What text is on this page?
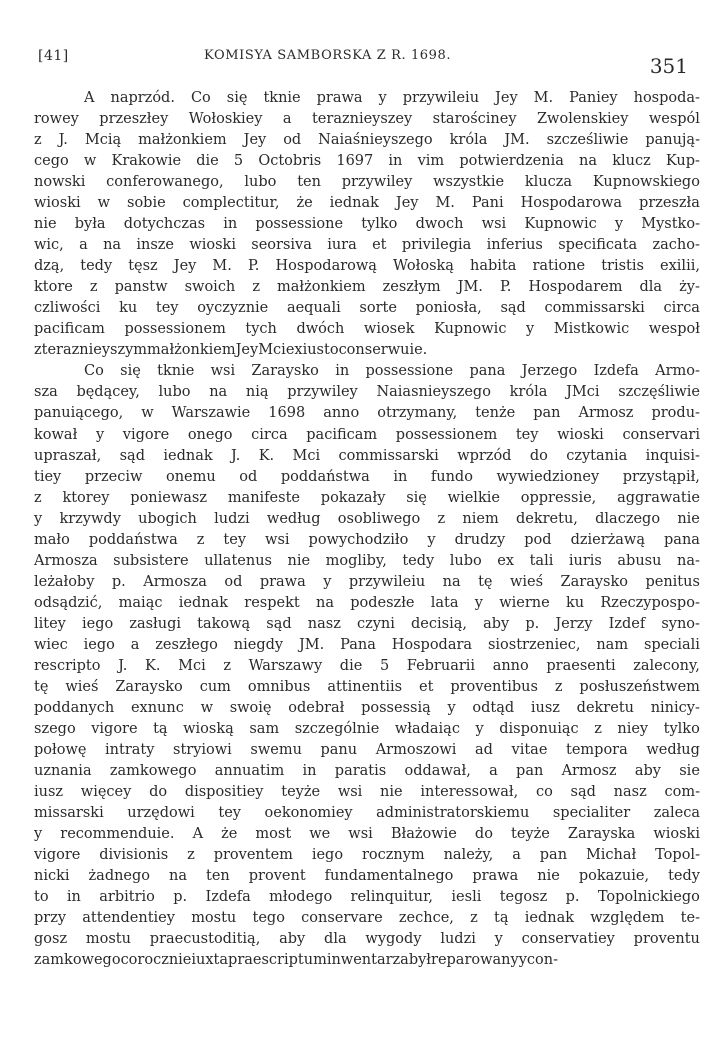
[41]	KOMISYA SAMBORSKA Z R. 1698.	351
A naprzód. Co się tknie prawa y przywileiu Jey M. Paniey hospoda-
rowey przeszłey Wołoskiey a teraznieyszey starościney Zwolenskiey wespól
z J. Mcią małżonkiem Jey od Naiaśnieyszego króla JM. szcześliwie panują-
cego w Krakowie die 5 Octobris 1697 in vim potwierdzenia na klucz Kup-
nowski conferowanego, lubo ten przywiley wszystkie klucza Kupnowskiego
wioski w sobie complectitur, że iednak Jey M. Pani Hospodarowa przeszła
nie była dotychczas in possessione tylko dwoch wsi Kupnowic y Mystko-
wic, a na insze wioski seorsiva iura et privilegia inferius specificata zacho-
dzą, tedy tęsz Jey M. P. Hospodarową Wołoską habita ratione tristis exilii,
ktore z panstw swoich z małżonkiem zeszłym JM. P. Hospodarem dla ży-
czliwości ku tey oyczyznie aequali sorte poniosła, sąd commissarski circa
pacificam possessionem tych dwóch wiosek Kupnowic y Mistkowic wespoł
z teraznieyszym małżonkiem Jey Mci ex iusto conserwuie.
Co się tknie wsi Zaraysko in possessione pana Jerzego Izdefa Armo-
sza będącey, lubo na nią przywiley Naiasnieyszego króla JMci szczęśliwie
panuiącego, w Warszawie 1698 anno otrzymany, tenże pan Armosz produ-
kował y vigore onego circa pacificam possessionem tey wioski conservari
upraszał, sąd iednak J. K. Mci commissarski wprzód do czytania inquisi-
tiey przeciw onemu od poddaństwa in fundo wywiedzioney przystąpił,
z ktorey poniewasz manifeste pokazały się wielkie oppressie, aggrawatie
y krzywdy ubogich ludzi według osobliwego z niem dekretu, dlaczego nie
mało poddaństwa z tey wsi powychodziło y drudzy pod dzierżawą pana
Armosza subsistere ullatenus nie mogliby, tedy lubo ex tali iuris abusu na-
leżałoby p. Armosza od prawa y przywileiu na tę wieś Zaraysko penitus
odsądzić, maiąc iednak respekt na podeszłe lata y wierne ku Rzeczypospo-
litey iego zasługi takową sąd nasz czyni decisią, aby p. Jerzy Izdef syno-
wiec iego a zeszłego niegdy JM. Pana Hospodara siostrzeniec, nam speciali
rescripto J. K. Mci z Warszawy die 5 Februarii anno praesenti zalecony,
tę wieś Zaraysko cum omnibus attinentiis et proventibus z posłuszeństwem
poddanych exnunc w swoię odebrał possessią y odtąd iusz dekretu ninicy-
szego vigore tą wioską sam szczególnie władaiąc y disponuiąc z niey tylko
połowę intraty stryiowi swemu panu Armoszowi ad vitae tempora według
uznania zamkowego annuatim in paratis oddawał, a pan Armosz aby sie
iusz więcey do dispositiey teyże wsi nie interessował, co sąd nasz com-
missarski urzędowi tey oekonomiey administratorskiemu specialiter zaleca
y recommenduie. A że most we wsi Błażowie do teyże Zarayska wioski
vigore divisionis z proventem iego rocznym należy, a pan Michał Topol-
nicki żadnego na ten provent fundamentalnego prawa nie pokazuie, tedy
to in arbitrio p. Izdefa młodego relinquitur, iesli tegosz p. Topolnickiego
przy attendentiey mostu tego conservare zechce, z tą iednak względem te-
gosz mostu praecustoditią, aby dla wygody ludzi y conservatiey proventu
zamkowego corocznie iuxta praescriptum inwentarza był reparowany y con-
